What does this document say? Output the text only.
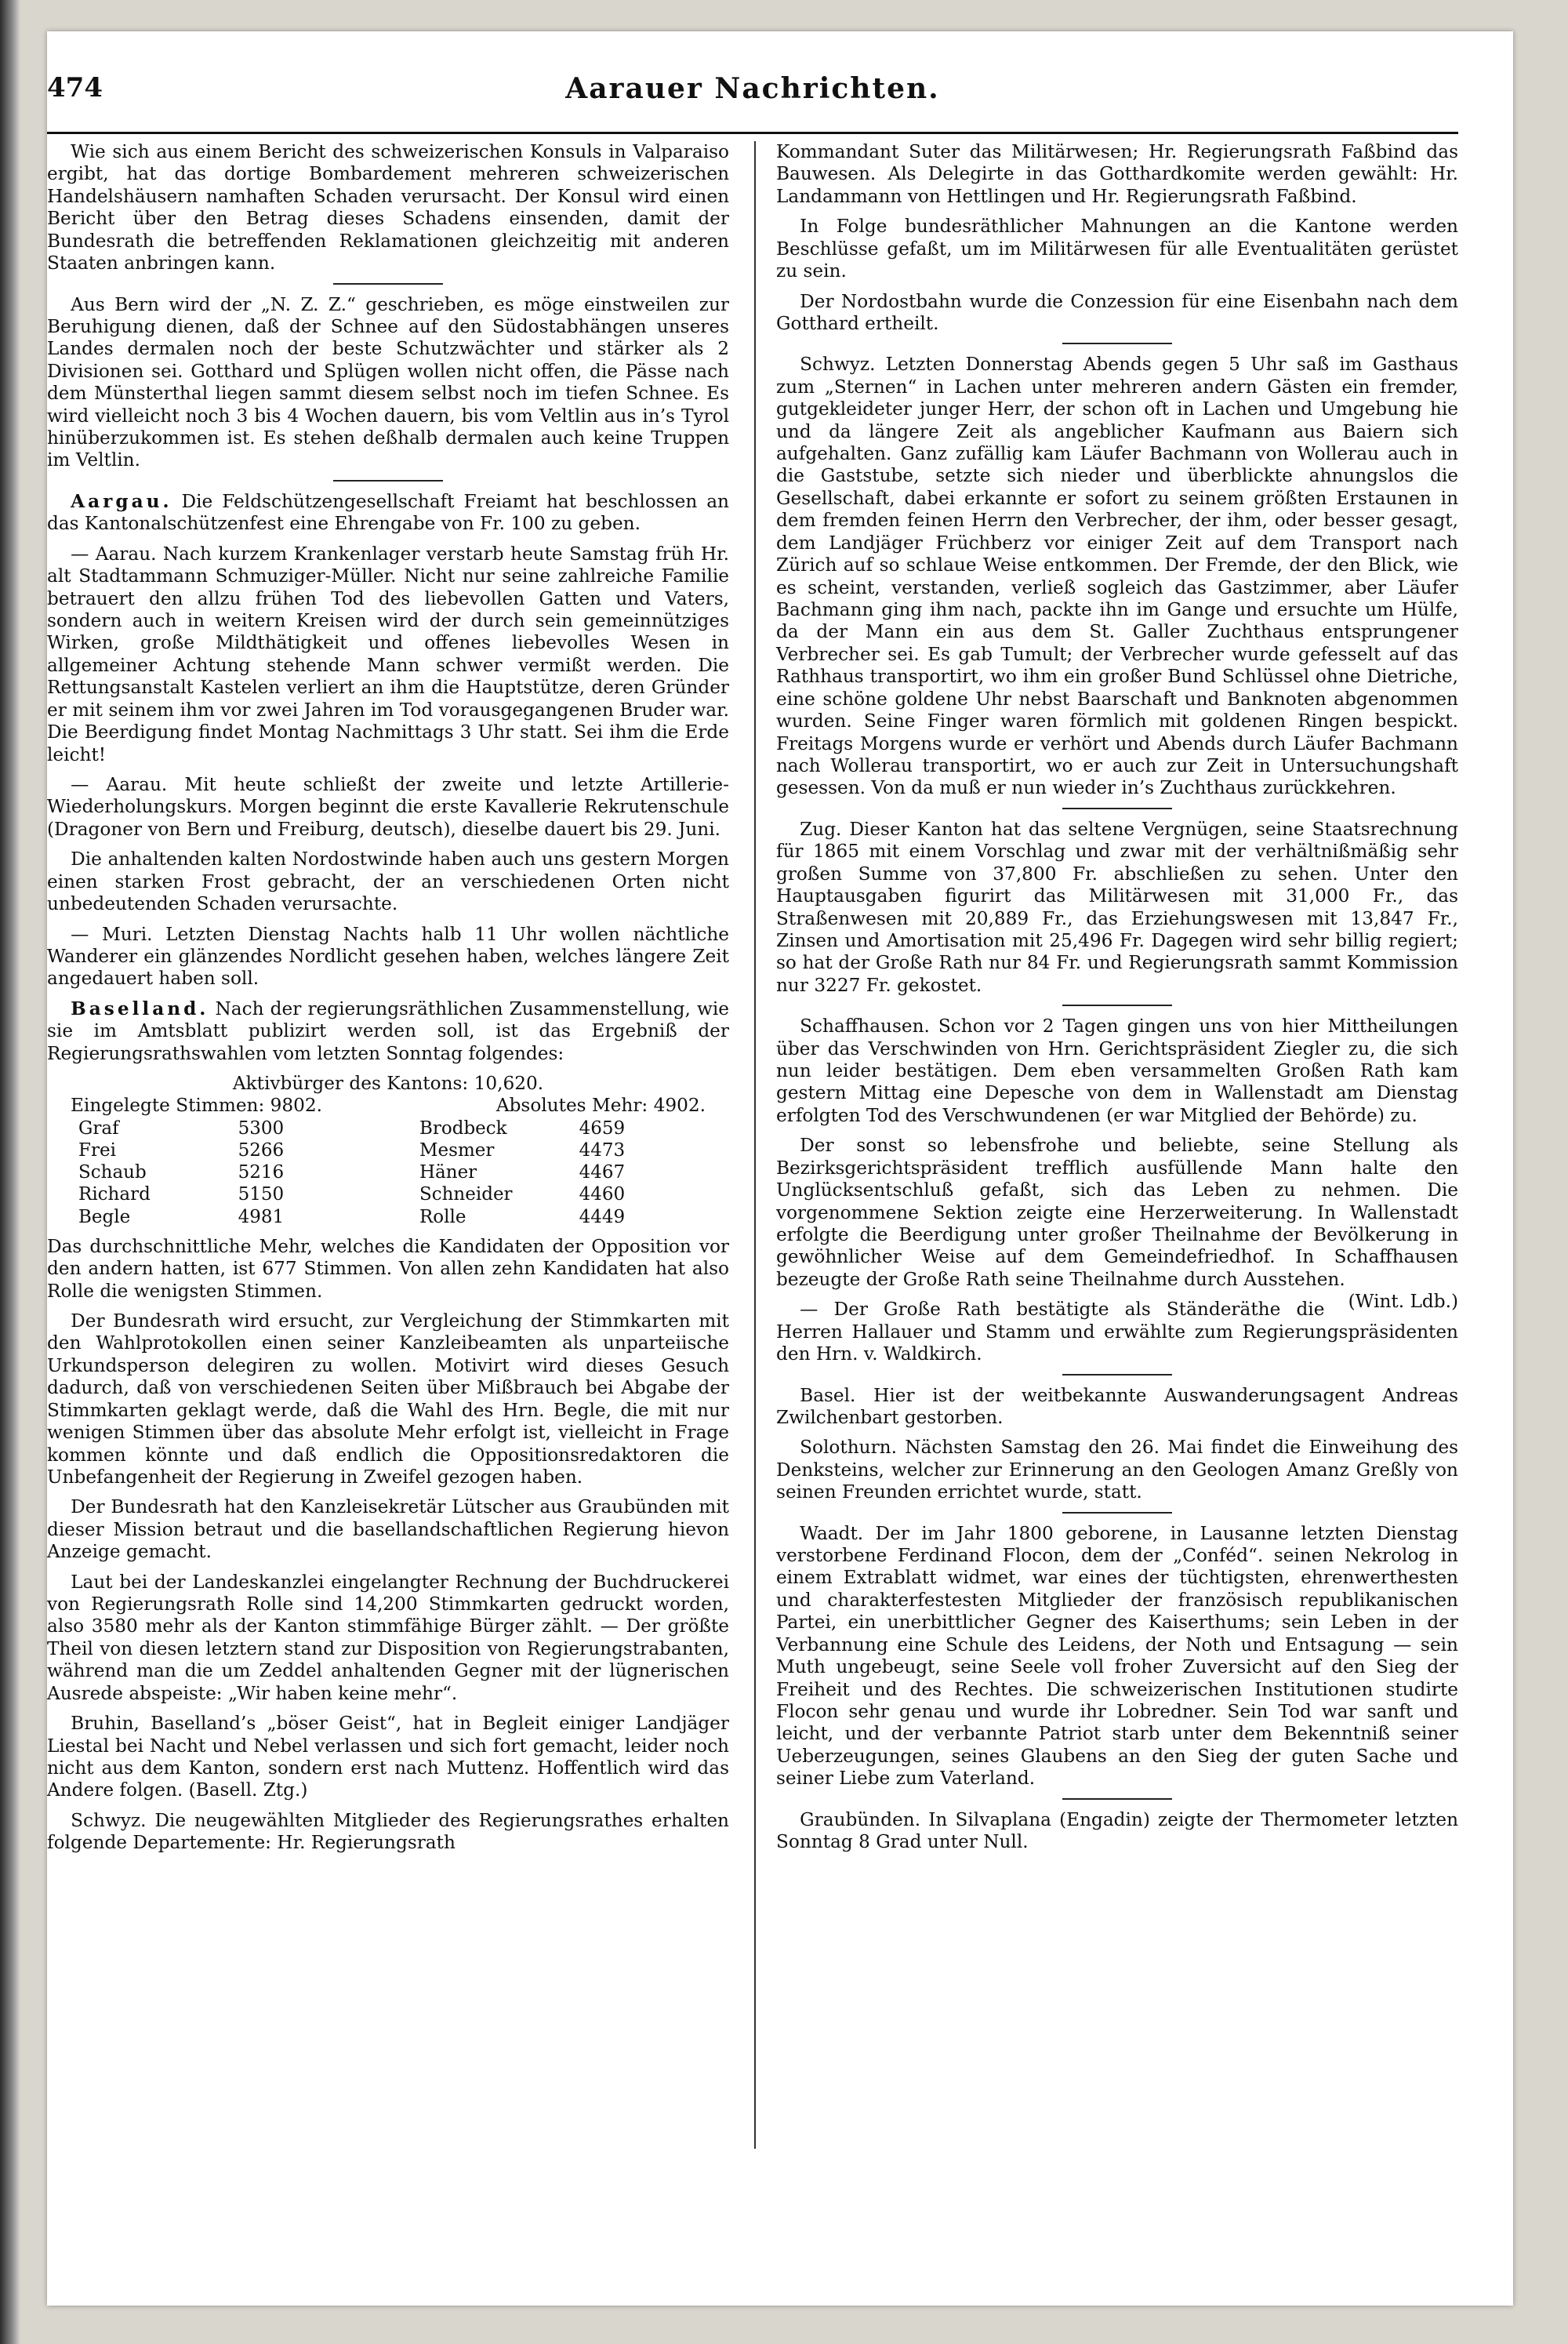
474	Aarauer Nachrichten.

Wie sich aus einem Bericht des schweizerischen Konsuls in Valparaiso ergibt, hat das dortige Bombardement mehreren schweizerischen Handelshäusern namhaften Schaden verursacht. Der Konsul wird einen Bericht über den Betrag dieses Schadens einsenden, damit der Bundesrath die betreffenden Reklamationen gleichzeitig mit anderen Staaten anbringen kann.

Aus Bern wird der „N. Z. Z.“ geschrieben, es möge einstweilen zur Beruhigung dienen, daß der Schnee auf den Südostabhängen unseres Landes dermalen noch der beste Schutzwächter und stärker als 2 Divisionen sei. Gotthard und Splügen wollen nicht offen, die Pässe nach dem Münsterthal liegen sammt diesem selbst noch im tiefen Schnee. Es wird vielleicht noch 3 bis 4 Wochen dauern, bis vom Veltlin aus in’s Tyrol hinüberzukommen ist. Es stehen deßhalb dermalen auch keine Truppen im Veltlin.

Aargau. Die Feldschützengesellschaft Freiamt hat beschlossen an das Kantonalschützenfest eine Ehrengabe von Fr. 100 zu geben.

— Aarau. Nach kurzem Krankenlager verstarb heute Samstag früh Hr. alt Stadtammann Schmuziger-Müller. Nicht nur seine zahlreiche Familie betrauert den allzu frühen Tod des liebevollen Gatten und Vaters, sondern auch in weitern Kreisen wird der durch sein gemeinnütziges Wirken, große Mildthätigkeit und offenes liebevolles Wesen in allgemeiner Achtung stehende Mann schwer vermißt werden. Die Rettungsanstalt Kastelen verliert an ihm die Hauptstütze, deren Gründer er mit seinem ihm vor zwei Jahren im Tod vorausgegangenen Bruder war. Die Beerdigung findet Montag Nachmittags 3 Uhr statt. Sei ihm die Erde leicht!

— Aarau. Mit heute schließt der zweite und letzte Artillerie-Wiederholungskurs. Morgen beginnt die erste Kavallerie Rekrutenschule (Dragoner von Bern und Freiburg, deutsch), dieselbe dauert bis 29. Juni.

Die anhaltenden kalten Nordostwinde haben auch uns gestern Morgen einen starken Frost gebracht, der an verschiedenen Orten nicht unbedeutenden Schaden verursachte.

— Muri. Letzten Dienstag Nachts halb 11 Uhr wollen nächtliche Wanderer ein glänzendes Nordlicht gesehen haben, welches längere Zeit angedauert haben soll.

Baselland. Nach der regierungsräthlichen Zusammenstellung, wie sie im Amtsblatt publizirt werden soll, ist das Ergebniß der Regierungsrathswahlen vom letzten Sonntag folgendes:

Aktivbürger des Kantons: 10,620.
Eingelegte Stimmen: 9802.	Absolutes Mehr: 4902.
Graf	5300	Brodbeck	4659
Frei	5266	Mesmer	4473
Schaub	5216	Häner	4467
Richard	5150	Schneider	4460
Begle	4981	Rolle	4449

Das durchschnittliche Mehr, welches die Kandidaten der Opposition vor den andern hatten, ist 677 Stimmen. Von allen zehn Kandidaten hat also Rolle die wenigsten Stimmen.

Der Bundesrath wird ersucht, zur Vergleichung der Stimmkarten mit den Wahlprotokollen einen seiner Kanzleibeamten als unparteiische Urkundsperson delegiren zu wollen. Motivirt wird dieses Gesuch dadurch, daß von verschiedenen Seiten über Mißbrauch bei Abgabe der Stimmkarten geklagt werde, daß die Wahl des Hrn. Begle, die mit nur wenigen Stimmen über das absolute Mehr erfolgt ist, vielleicht in Frage kommen könnte und daß endlich die Oppositionsredaktoren die Unbefangenheit der Regierung in Zweifel gezogen haben.

Der Bundesrath hat den Kanzleisekretär Lütscher aus Graubünden mit dieser Mission betraut und die basellandschaftlichen Regierung hievon Anzeige gemacht.

Laut bei der Landeskanzlei eingelangter Rechnung der Buchdruckerei von Regierungsrath Rolle sind 14,200 Stimmkarten gedruckt worden, also 3580 mehr als der Kanton stimmfähige Bürger zählt. — Der größte Theil von diesen letztern stand zur Disposition von Regierungstrabanten, während man die um Zeddel anhaltenden Gegner mit der lügnerischen Ausrede abspeiste: „Wir haben keine mehr“.

Bruhin, Baselland’s „böser Geist“, hat in Begleit einiger Landjäger Liestal bei Nacht und Nebel verlassen und sich fort gemacht, leider noch nicht aus dem Kanton, sondern erst nach Muttenz. Hoffentlich wird das Andere folgen. (Basell. Ztg.)

Schwyz. Die neugewählten Mitglieder des Regierungsrathes erhalten folgende Departemente: Hr. Regierungsrath

Kommandant Suter das Militärwesen; Hr. Regierungsrath Faßbind das Bauwesen. Als Delegirte in das Gotthardkomite werden gewählt: Hr. Landammann von Hettlingen und Hr. Regierungsrath Faßbind.

In Folge bundesräthlicher Mahnungen an die Kantone werden Beschlüsse gefaßt, um im Militärwesen für alle Eventualitäten gerüstet zu sein.

Der Nordostbahn wurde die Conzession für eine Eisenbahn nach dem Gotthard ertheilt.

Schwyz. Letzten Donnerstag Abends gegen 5 Uhr saß im Gasthaus zum „Sternen“ in Lachen unter mehreren andern Gästen ein fremder, gutgekleideter junger Herr, der schon oft in Lachen und Umgebung hie und da längere Zeit als angeblicher Kaufmann aus Baiern sich aufgehalten. Ganz zufällig kam Läufer Bachmann von Wollerau auch in die Gaststube, setzte sich nieder und überblickte ahnungslos die Gesellschaft, dabei erkannte er sofort zu seinem größten Erstaunen in dem fremden feinen Herrn den Verbrecher, der ihm, oder besser gesagt, dem Landjäger Früchberz vor einiger Zeit auf dem Transport nach Zürich auf so schlaue Weise entkommen. Der Fremde, der den Blick, wie es scheint, verstanden, verließ sogleich das Gastzimmer, aber Läufer Bachmann ging ihm nach, packte ihn im Gange und ersuchte um Hülfe, da der Mann ein aus dem St. Galler Zuchthaus entsprungener Verbrecher sei. Es gab Tumult; der Verbrecher wurde gefesselt auf das Rathhaus transportirt, wo ihm ein großer Bund Schlüssel ohne Dietriche, eine schöne goldene Uhr nebst Baarschaft und Banknoten abgenommen wurden. Seine Finger waren förmlich mit goldenen Ringen bespickt. Freitags Morgens wurde er verhört und Abends durch Läufer Bachmann nach Wollerau transportirt, wo er auch zur Zeit in Untersuchungshaft gesessen. Von da muß er nun wieder in’s Zuchthaus zurückkehren.

Zug. Dieser Kanton hat das seltene Vergnügen, seine Staatsrechnung für 1865 mit einem Vorschlag und zwar mit der verhältnißmäßig sehr großen Summe von 37,800 Fr. abschließen zu sehen. Unter den Hauptausgaben figurirt das Militärwesen mit 31,000 Fr., das Straßenwesen mit 20,889 Fr., das Erziehungswesen mit 13,847 Fr., Zinsen und Amortisation mit 25,496 Fr. Dagegen wird sehr billig regiert; so hat der Große Rath nur 84 Fr. und Regierungsrath sammt Kommission nur 3227 Fr. gekostet.

Schaffhausen. Schon vor 2 Tagen gingen uns von hier Mittheilungen über das Verschwinden von Hrn. Gerichtspräsident Ziegler zu, die sich nun leider bestätigen. Dem eben versammelten Großen Rath kam gestern Mittag eine Depesche von dem in Wallenstadt am Dienstag erfolgten Tod des Verschwundenen (er war Mitglied der Behörde) zu.

Der sonst so lebensfrohe und beliebte, seine Stellung als Bezirksgerichtspräsident trefflich ausfüllende Mann halte den Unglücksentschluß gefaßt, sich das Leben zu nehmen. Die vorgenommene Sektion zeigte eine Herzerweiterung. In Wallenstadt erfolgte die Beerdigung unter großer Theilnahme der Bevölkerung in gewöhnlicher Weise auf dem Gemeindefriedhof. In Schaffhausen bezeugte der Große Rath seine Theilnahme durch Ausstehen.
(Wint. Ldb.)

— Der Große Rath bestätigte als Ständeräthe die Herren Hallauer und Stamm und erwählte zum Regierungspräsidenten den Hrn. v. Waldkirch.

Basel. Hier ist der weitbekannte Auswanderungsagent Andreas Zwilchenbart gestorben.

Solothurn. Nächsten Samstag den 26. Mai findet die Einweihung des Denksteins, welcher zur Erinnerung an den Geologen Amanz Greßly von seinen Freunden errichtet wurde, statt.

Waadt. Der im Jahr 1800 geborene, in Lausanne letzten Dienstag verstorbene Ferdinand Flocon, dem der „Conféd“. seinen Nekrolog in einem Extrablatt widmet, war eines der tüchtigsten, ehrenwerthesten und charakterfestesten Mitglieder der französisch republikanischen Partei, ein unerbittlicher Gegner des Kaiserthums; sein Leben in der Verbannung eine Schule des Leidens, der Noth und Entsagung — sein Muth ungebeugt, seine Seele voll froher Zuversicht auf den Sieg der Freiheit und des Rechtes. Die schweizerischen Institutionen studirte Flocon sehr genau und wurde ihr Lobredner. Sein Tod war sanft und leicht, und der verbannte Patriot starb unter dem Bekenntniß seiner Ueberzeugungen, seines Glaubens an den Sieg der guten Sache und seiner Liebe zum Vaterland.

Graubünden. In Silvaplana (Engadin) zeigte der Thermometer letzten Sonntag 8 Grad unter Null.
